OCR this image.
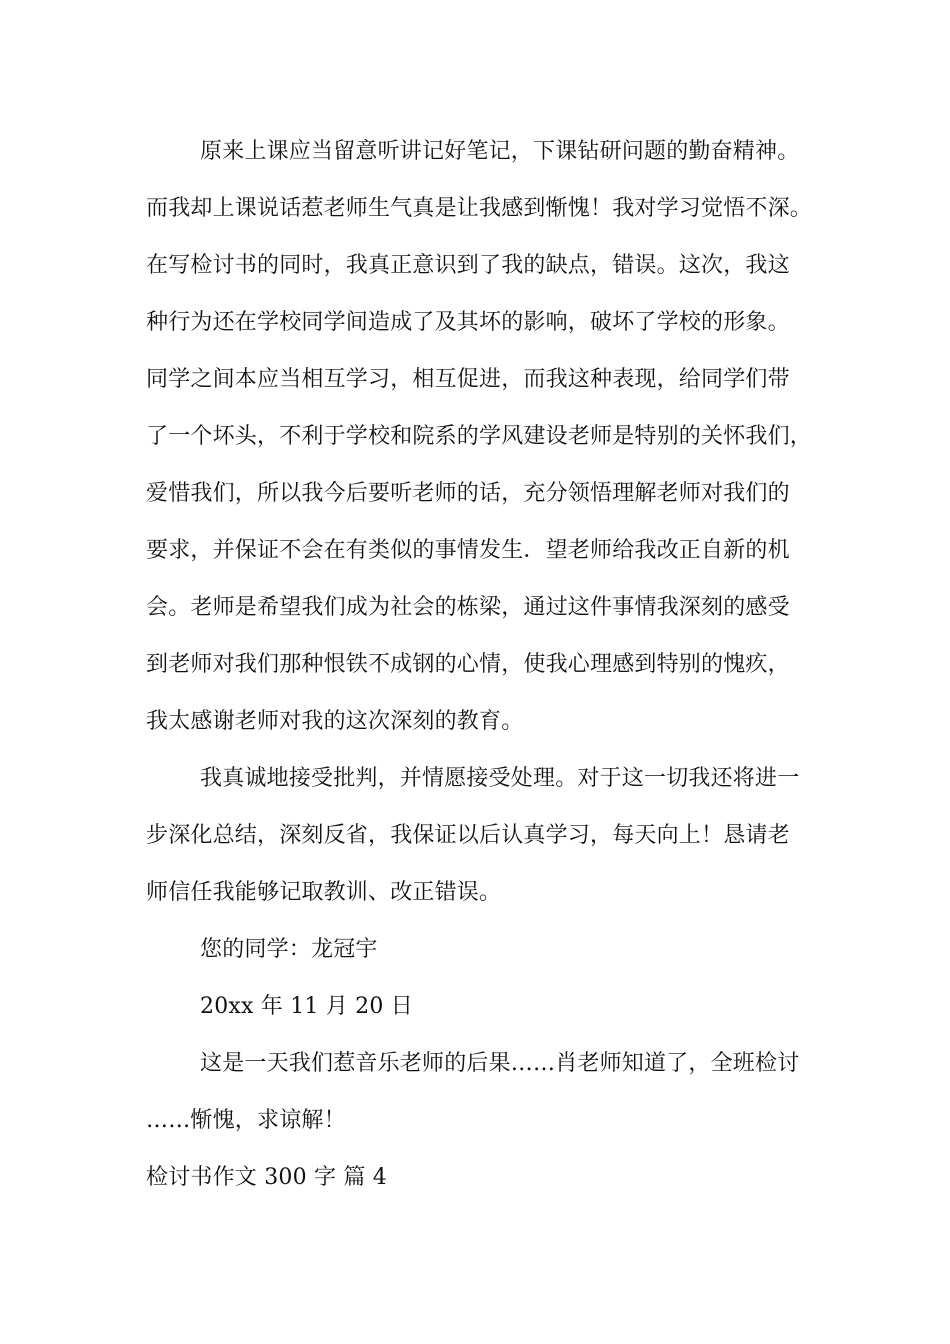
原来上课应当留意听讲记好笔记，下课钻研问题的勤奋精神。
而我却上课说话惹老师生气真是让我感到惭愧！我对学习觉悟不深。
在写检讨书的同时，我真正意识到了我的缺点，错误。这次，我这
种行为还在学校同学间造成了及其坏的影响，破坏了学校的形象。
同学之间本应当相互学习，相互促进，而我这种表现，给同学们带
了一个坏头，不利于学校和院系的学风建设老师是特别的关怀我们，
爱惜我们，所以我今后要听老师的话，充分领悟理解老师对我们的
要求，并保证不会在有类似的事情发生．望老师给我改正自新的机
会。老师是希望我们成为社会的栋梁，通过这件事情我深刻的感受
到老师对我们那种恨铁不成钢的心情，使我心理感到特别的愧疚，
我太感谢老师对我的这次深刻的教育。
我真诚地接受批判，并情愿接受处理。对于这一切我还将进一
步深化总结，深刻反省，我保证以后认真学习，每天向上！恳请老
师信任我能够记取教训、改正错误。
您的同学：龙冠宇
20xx 年 11 月 20 日
这是一天我们惹音乐老师的后果……肖老师知道了，全班检讨
……惭愧，求谅解！
检讨书作文 300 字 篇 4
